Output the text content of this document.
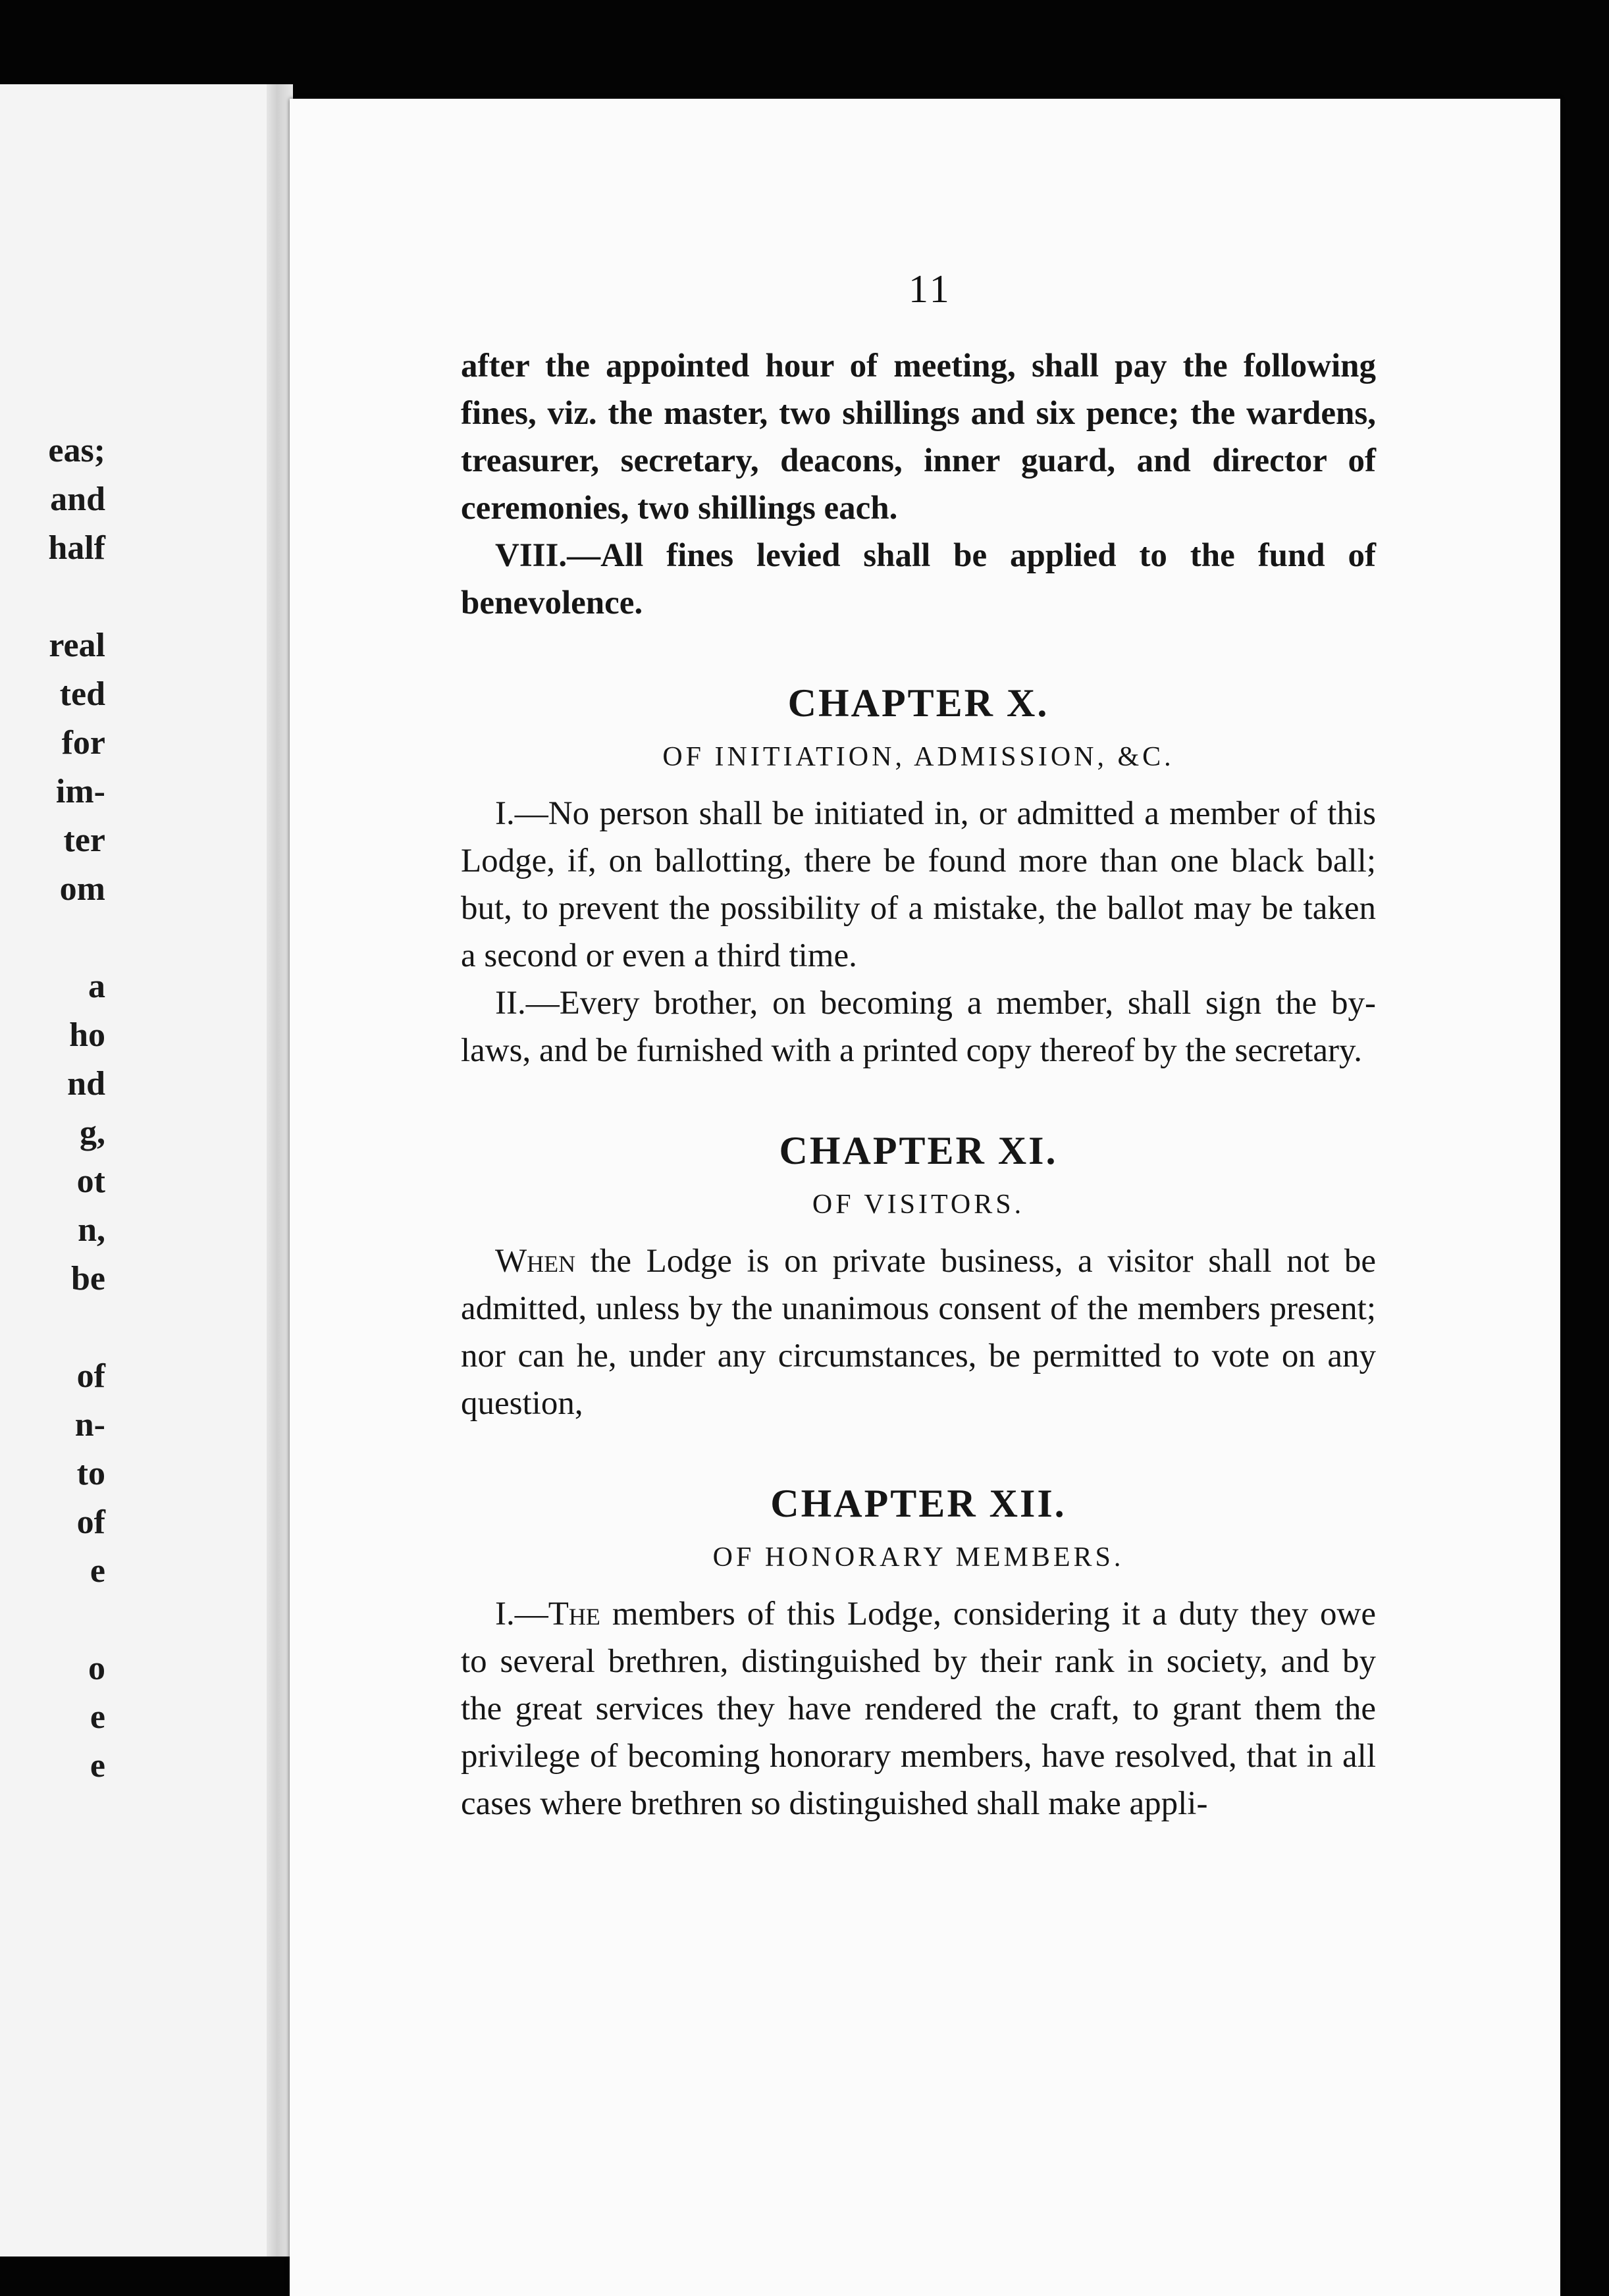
eas;
and
half

real
ted
for
im-
ter
om

a
ho
nd
g,
ot
n,
be

of
n-
to
of
e

o
e
e
11

after the appointed hour of meeting, shall pay the following fines, viz. the master, two shillings and six pence; the wardens, treasurer, secretary, deacons, inner guard, and director of ceremonies, two shillings each.

VIII.—All fines levied shall be applied to the fund of benevolence.

CHAPTER X.
OF INITIATION, ADMISSION, &C.

I.—No person shall be initiated in, or admitted a member of this Lodge, if, on ballotting, there be found more than one black ball; but, to prevent the possibility of a mistake, the ballot may be taken a second or even a third time.

II.—Every brother, on becoming a member, shall sign the by-laws, and be furnished with a printed copy thereof by the secretary.

CHAPTER XI.
OF VISITORS.

When the Lodge is on private business, a visitor shall not be admitted, unless by the unanimous consent of the members present; nor can he, under any circumstances, be permitted to vote on any question,

CHAPTER XII.
OF HONORARY MEMBERS.

I.—The members of this Lodge, considering it a duty they owe to several brethren, distinguished by their rank in society, and by the great services they have rendered the craft, to grant them the privilege of becoming honorary members, have resolved, that in all cases where brethren so distinguished shall make appli-
